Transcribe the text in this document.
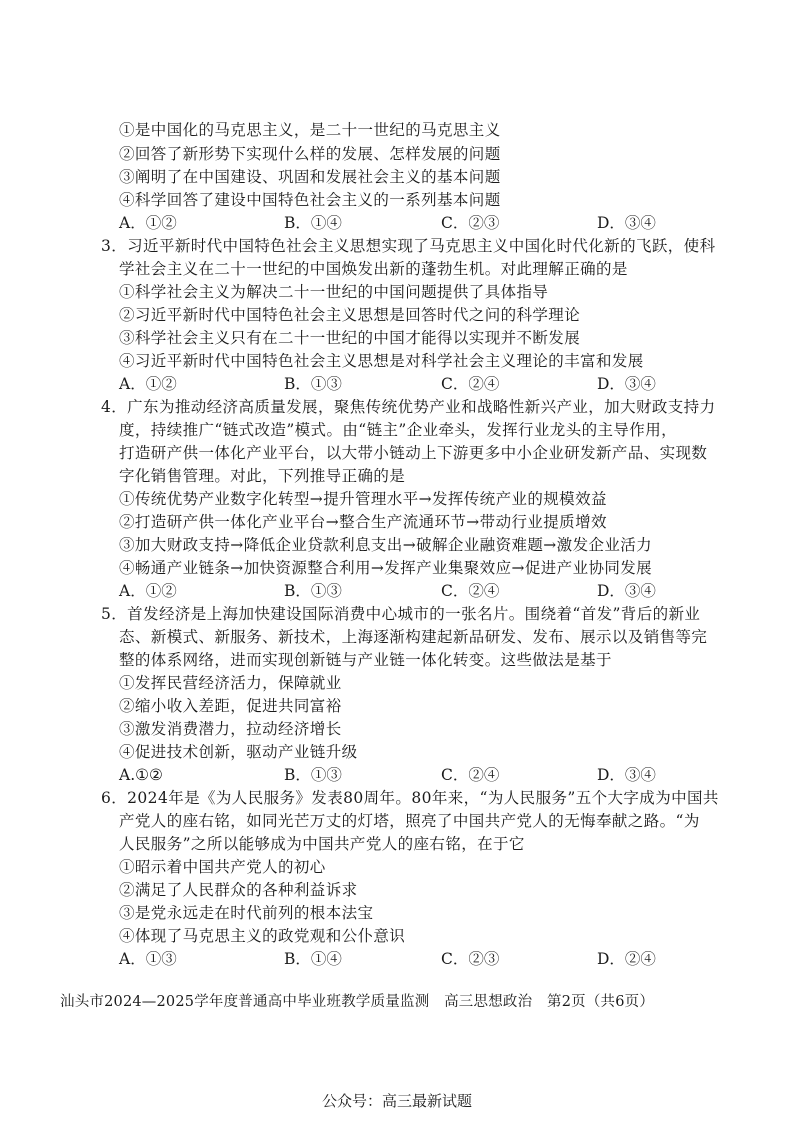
①是中国化的马克思主义，是二十一世纪的马克思主义
②回答了新形势下实现什么样的发展、怎样发展的问题
③阐明了在中国建设、巩固和发展社会主义的基本问题
④科学回答了建设中国特色社会主义的一系列基本问题
A．①②	B．①④	C．②③	D．③④
3．习近平新时代中国特色社会主义思想实现了马克思主义中国化时代化新的飞跃，使科
学社会主义在二十一世纪的中国焕发出新的蓬勃生机。对此理解正确的是
①科学社会主义为解决二十一世纪的中国问题提供了具体指导
②习近平新时代中国特色社会主义思想是回答时代之问的科学理论
③科学社会主义只有在二十一世纪的中国才能得以实现并不断发展
④习近平新时代中国特色社会主义思想是对科学社会主义理论的丰富和发展
A．①②	B．①③	C．②④	D．③④
4．广东为推动经济高质量发展，聚焦传统优势产业和战略性新兴产业，加大财政支持力
度，持续推广“链式改造”模式。由“链主”企业牵头，发挥行业龙头的主导作用，
打造研产供一体化产业平台，以大带小链动上下游更多中小企业研发新产品、实现数
字化销售管理。对此，下列推导正确的是
①传统优势产业数字化转型→提升管理水平→发挥传统产业的规模效益
②打造研产供一体化产业平台→整合生产流通环节→带动行业提质增效
③加大财政支持→降低企业贷款利息支出→破解企业融资难题→激发企业活力
④畅通产业链条→加快资源整合利用→发挥产业集聚效应→促进产业协同发展
A．①②	B．①③	C．②④	D．③④
5．首发经济是上海加快建设国际消费中心城市的一张名片。围绕着“首发”背后的新业
态、新模式、新服务、新技术，上海逐渐构建起新品研发、发布、展示以及销售等完
整的体系网络，进而实现创新链与产业链一体化转变。这些做法是基于
①发挥民营经济活力，保障就业
②缩小收入差距，促进共同富裕
③激发消费潜力，拉动经济增长
④促进技术创新，驱动产业链升级
A.①②	B．①③	C．②④	D．③④
6．2024年是《为人民服务》发表80周年。80年来，“为人民服务”五个大字成为中国共
产党人的座右铭，如同光芒万丈的灯塔，照亮了中国共产党人的无悔奉献之路。“为
人民服务”之所以能够成为中国共产党人的座右铭，在于它
①昭示着中国共产党人的初心
②满足了人民群众的各种利益诉求
③是党永远走在时代前列的根本法宝
④体现了马克思主义的政党观和公仆意识
A．①③	B．①④	C．②③	D．②④
汕头市2024—2025学年度普通高中毕业班教学质量监测　高三思想政治　第2页（共6页）
公众号：高三最新试题
